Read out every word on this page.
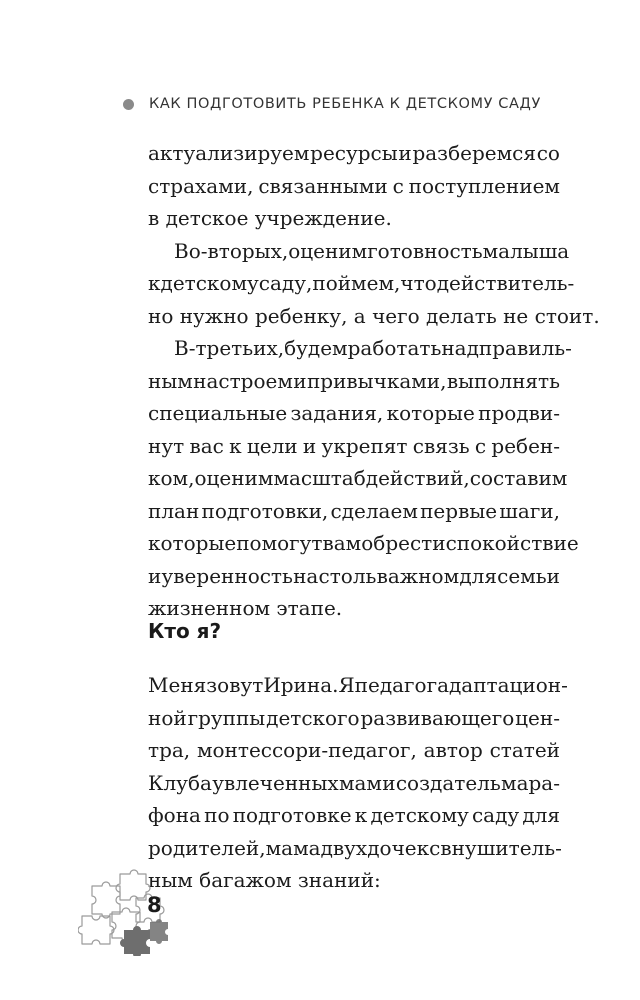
КАК ПОДГОТОВИТЬ РЕБЕНКА К ДЕТСКОМУ САДУ
актуализируем ресурсы и разберемся со
страхами, связанными с поступлением
в детское учреждение.
Во-вторых, оценим готовность малыша
к детскому саду, поймем, что действитель-
но нужно ребенку, а чего делать не стоит.
В-третьих, будем работать над правиль-
ным настроем и привычками, выполнять
специальные задания, которые продви-
нут вас к цели и укрепят связь с ребен-
ком, оценим масштаб действий, составим
план подготовки, сделаем первые шаги,
которые помогут вам обрести спокойствие
и уверенность на столь важном для семьи
жизненном этапе.
Кто я?
Меня зовут Ирина. Я педагог адаптацион-
ной группы детского развивающего цен-
тра, монтессори-педагог, автор статей
Клуба увлеченных мам и создатель мара-
фона по подготовке к детскому саду для
родителей, мама двух дочек с внушитель-
ным багажом знаний:
8
